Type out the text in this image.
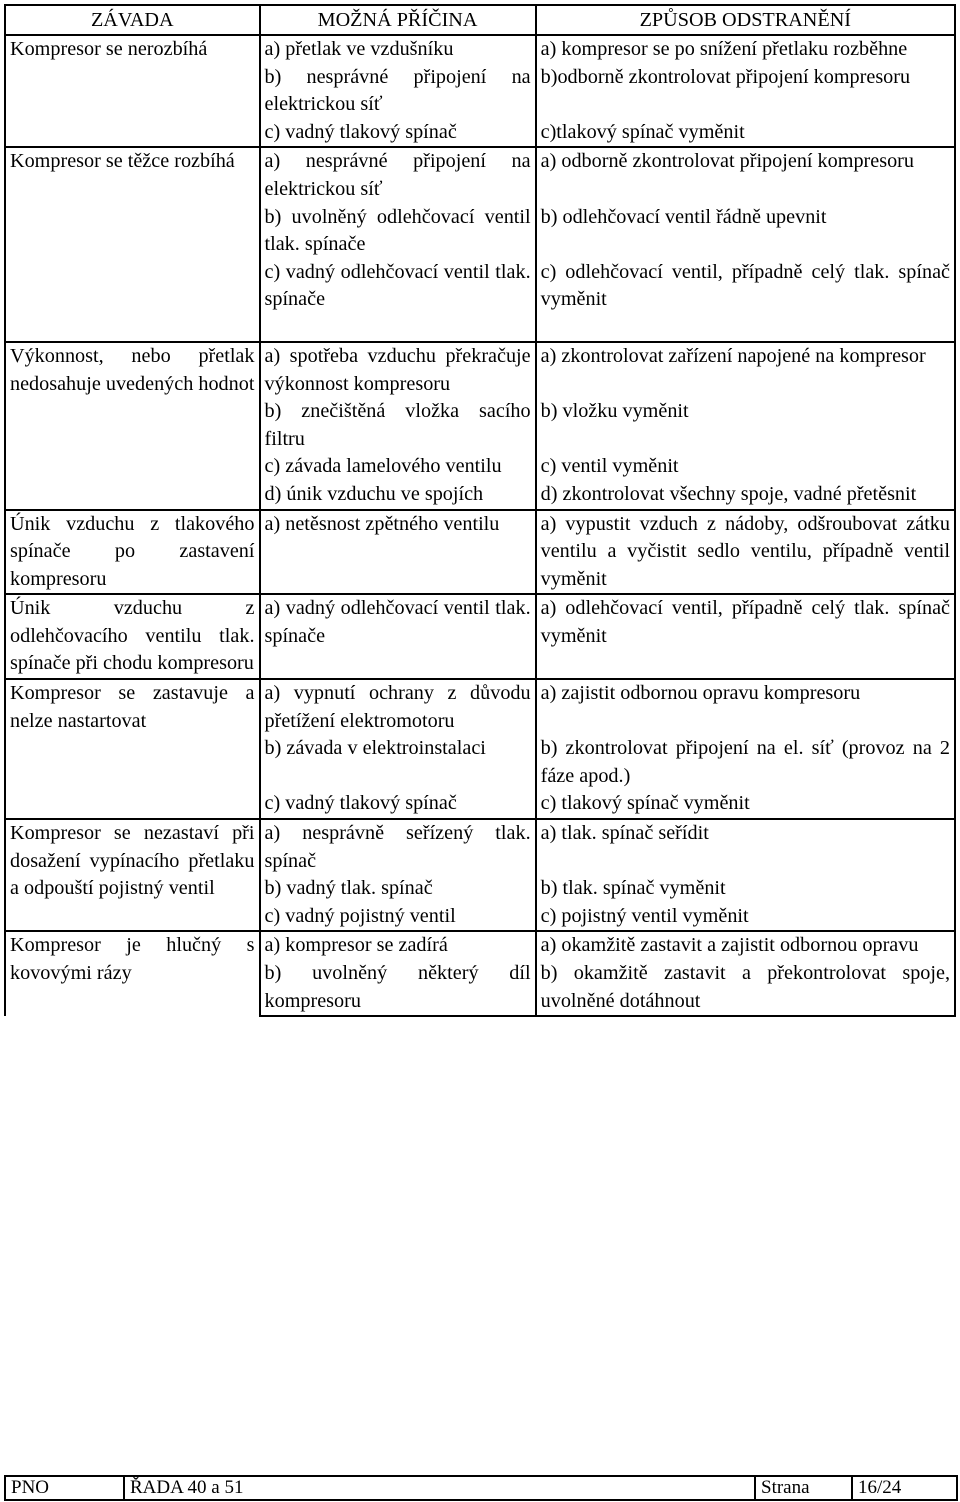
ZÁVADA	MOŽNÁ PŘÍČINA	ZPŮSOB ODSTRANĚNÍ
Kompresor se nerozbíhá	a) přetlak ve vzdušníku	a) kompresor se po snížení přetlaku rozběhne
	b) nesprávné připojení na elektrickou síť	b)odborně zkontrolovat připojení kompresoru
	c) vadný tlakový spínač	c)tlakový spínač vyměnit
Kompresor se těžce rozbíhá	a) nesprávné připojení na elektrickou síť	a) odborně zkontrolovat připojení kompresoru
	b) uvolněný odlehčovací ventil tlak. spínače	b) odlehčovací ventil řádně upevnit
	c) vadný odlehčovací ventil tlak. spínače	c) odlehčovací ventil, případně celý tlak. spínač vyměnit

Výkonnost, nebo přetlak nedosahuje uvedených hodnot	a) spotřeba vzduchu překračuje výkonnost kompresoru	a) zkontrolovat zařízení napojené na kompresor
	b) znečištěná vložka sacího filtru	b) vložku vyměnit
	c) závada lamelového ventilu	c) ventil vyměnit
	d) únik vzduchu ve spojích	d) zkontrolovat všechny spoje, vadné přetěsnit
Únik vzduchu z tlakového spínače po zastavení kompresoru	a) netěsnost zpětného ventilu	a) vypustit vzduch z nádoby, odšroubovat zátku ventilu a vyčistit sedlo ventilu, případně ventil vyměnit
Únik vzduchu z odlehčovacího ventilu tlak. spínače při chodu kompresoru	a) vadný odlehčovací ventil tlak. spínače	a) odlehčovací ventil, případně celý tlak. spínač vyměnit
Kompresor se zastavuje a nelze nastartovat	a) vypnutí ochrany z důvodu přetížení elektromotoru	a) zajistit odbornou opravu kompresoru
	b) závada v elektroinstalaci	b) zkontrolovat připojení na el. síť (provoz na 2 fáze apod.)
	c) vadný tlakový spínač	c) tlakový spínač vyměnit
Kompresor se nezastaví při dosažení vypínacího přetlaku a odpouští pojistný ventil	a) nesprávně seřízený tlak. spínač	a) tlak. spínač seřídit
	b) vadný tlak. spínač	b) tlak. spínač vyměnit
	c) vadný pojistný ventil	c) pojistný ventil vyměnit
Kompresor je hlučný s kovovými rázy	a) kompresor se zadírá	a) okamžitě zastavit a zajistit odbornou opravu
	b) uvolněný některý díl kompresoru	b) okamžitě zastavit a překontrolovat spoje, uvolněné dotáhnout
PNO	ŘADA 40 a 51	Strana	16/24
